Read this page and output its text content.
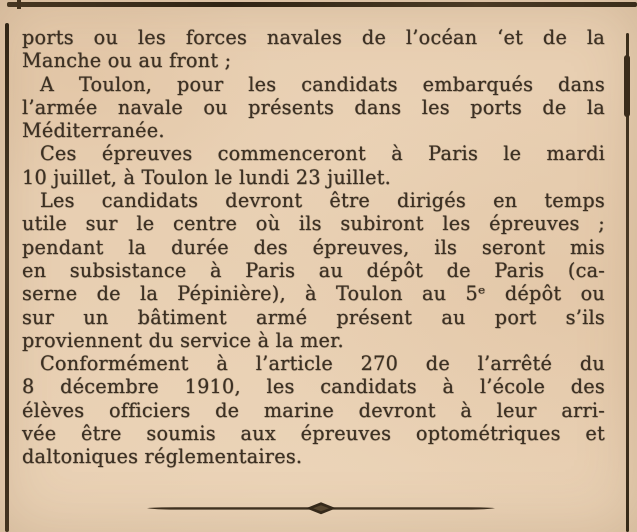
ports ou les forces navales de l’océan ‘et de la
Manche ou au front ;
A Toulon, pour les candidats embarqués dans
l’armée navale ou présents dans les ports de la
Méditerranée.
Ces épreuves commenceront à Paris le mardi
10 juillet, à Toulon le lundi 23 juillet.
Les candidats devront être dirigés en temps
utile sur le centre où ils subiront les épreuves ;
pendant la durée des épreuves, ils seront mis
en subsistance à Paris au dépôt de Paris (ca-
serne de la Pépinière), à Toulon au 5ᵉ dépôt ou
sur un bâtiment armé présent au port s’ils
proviennent du service à la mer.
Conformément à l’article 270 de l’arrêté du
8 décembre 1910, les candidats à l’école des
élèves officiers de marine devront à leur arri-
vée être soumis aux épreuves optométriques et
daltoniques réglementaires.
